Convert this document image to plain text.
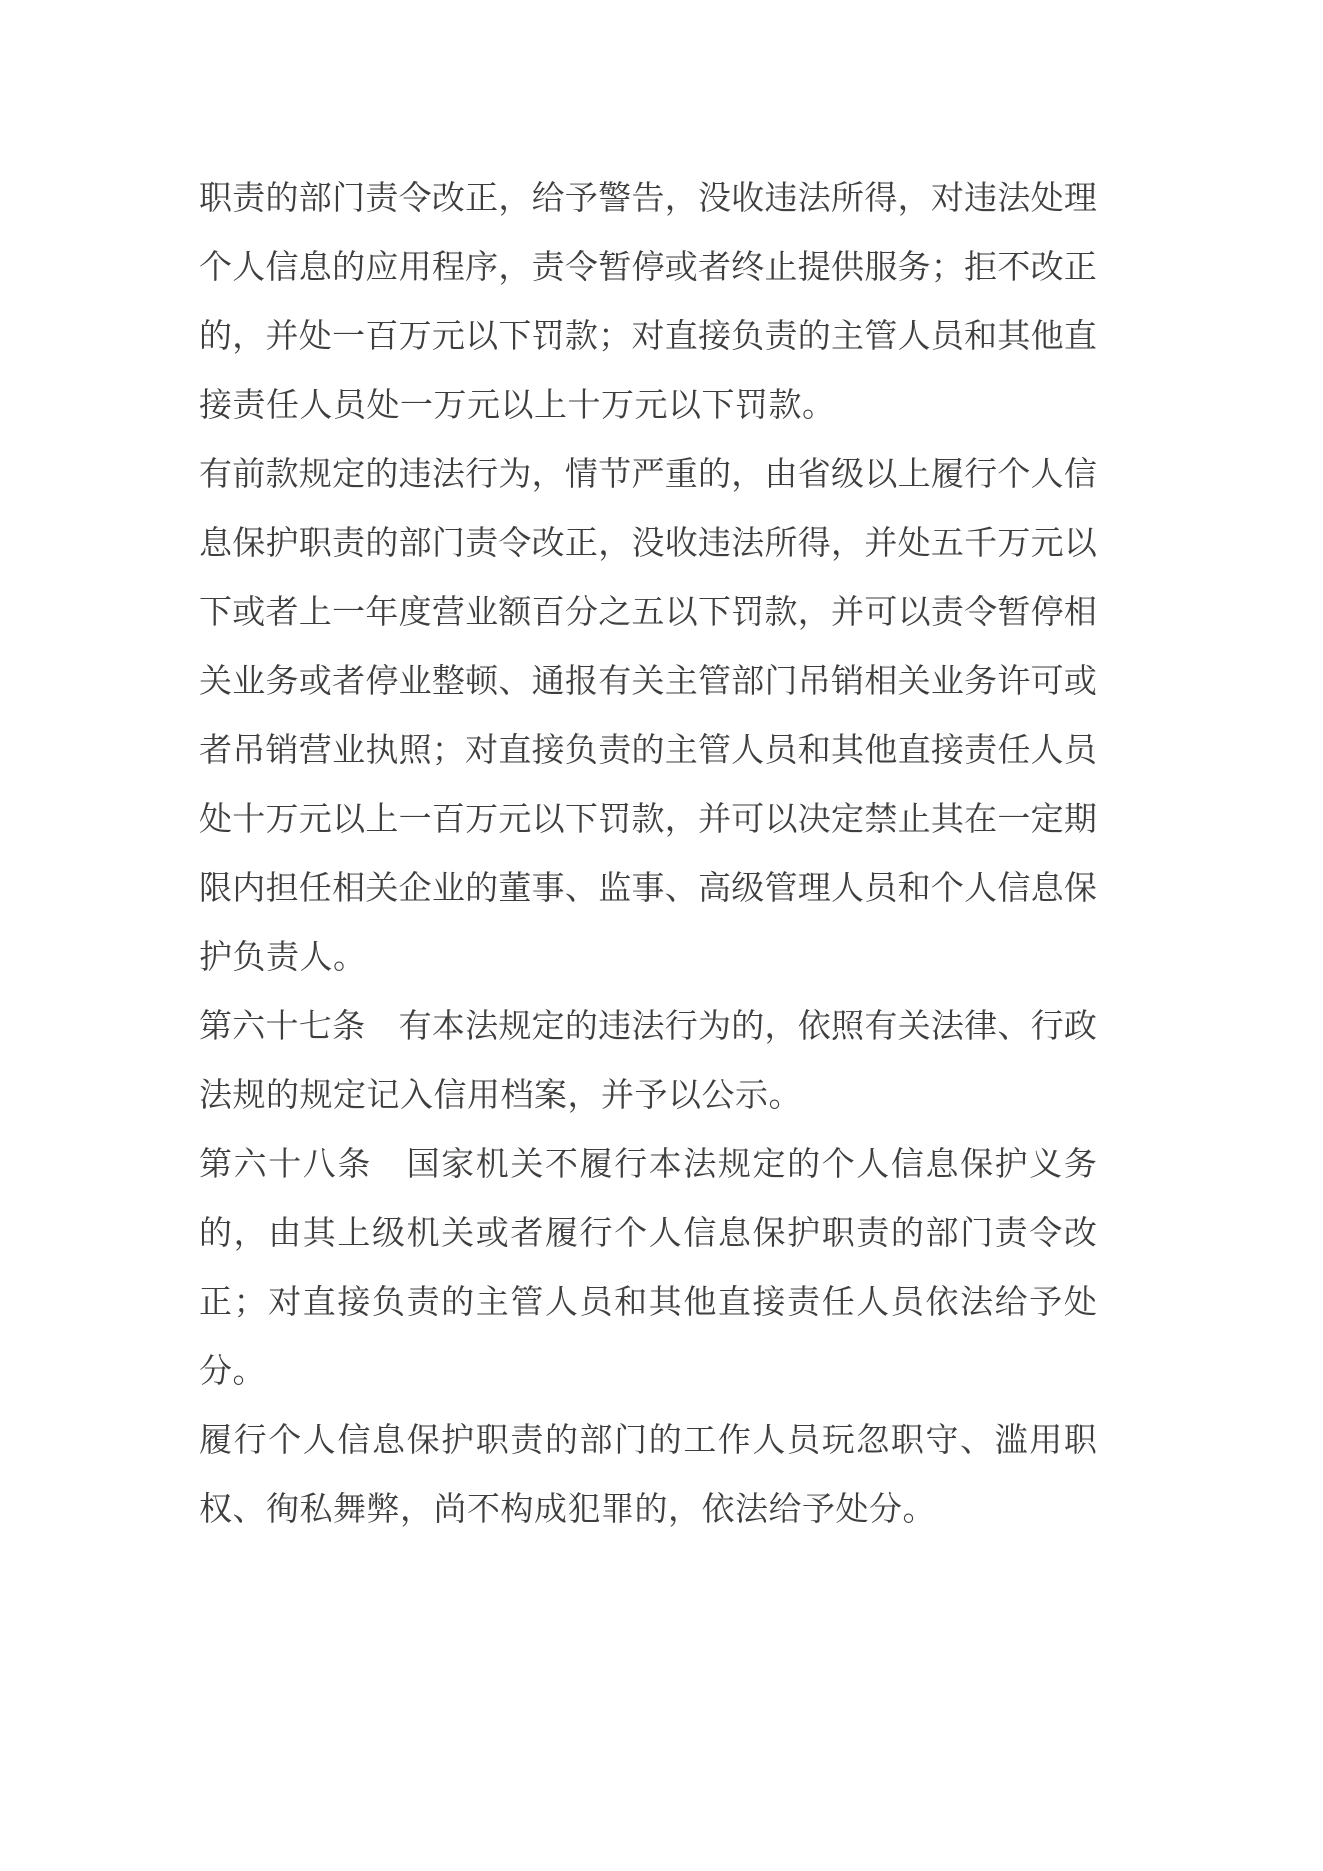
职 责 的 部 门 责 令 改 正 ， 给 予 警 告 ， 没 收 违 法 所 得 ， 对 违 法 处 理
个 人 信 息 的 应 用 程 序 ， 责 令 暂 停 或 者 终 止 提 供 服 务 ； 拒 不 改 正
的 ， 并 处 一 百 万 元 以 下 罚 款 ； 对 直 接 负 责 的 主 管 人 员 和 其 他 直
接责任人员处一万元以上十万元以下罚款。
有 前 款 规 定 的 违 法 行 为 ， 情 节 严 重 的 ， 由 省 级 以 上 履 行 个 人 信
息 保 护 职 责 的 部 门 责 令 改 正 ， 没 收 违 法 所 得 ， 并 处 五 千 万 元 以
下 或 者 上 一 年 度 营 业 额 百 分 之 五 以 下 罚 款 ， 并 可 以 责 令 暂 停 相
关 业 务 或 者 停 业 整 顿 、 通 报 有 关 主 管 部 门 吊 销 相 关 业 务 许 可 或
者 吊 销 营 业 执 照 ； 对 直 接 负 责 的 主 管 人 员 和 其 他 直 接 责 任 人 员
处 十 万 元 以 上 一 百 万 元 以 下 罚 款 ， 并 可 以 决 定 禁 止 其 在 一 定 期
限 内 担 任 相 关 企 业 的 董 事 、 监 事 、 高 级 管 理 人 员 和 个 人 信 息 保
护负责人。
第 六 十 七 条 有 本 法 规 定 的 违 法 行 为 的 ， 依 照 有 关 法 律 、 行 政
法规的规定记入信用档案，并予以公示。
第 六 十 八 条 国 家 机 关 不 履 行 本 法 规 定 的 个 人 信 息 保 护 义 务
的 ， 由 其 上 级 机 关 或 者 履 行 个 人 信 息 保 护 职 责 的 部 门 责 令 改
正 ； 对 直 接 负 责 的 主 管 人 员 和 其 他 直 接 责 任 人 员 依 法 给 予 处
分。
履 行 个 人 信 息 保 护 职 责 的 部 门 的 工 作 人 员 玩 忽 职 守 、 滥 用 职
权、徇私舞弊，尚不构成犯罪的，依法给予处分。
